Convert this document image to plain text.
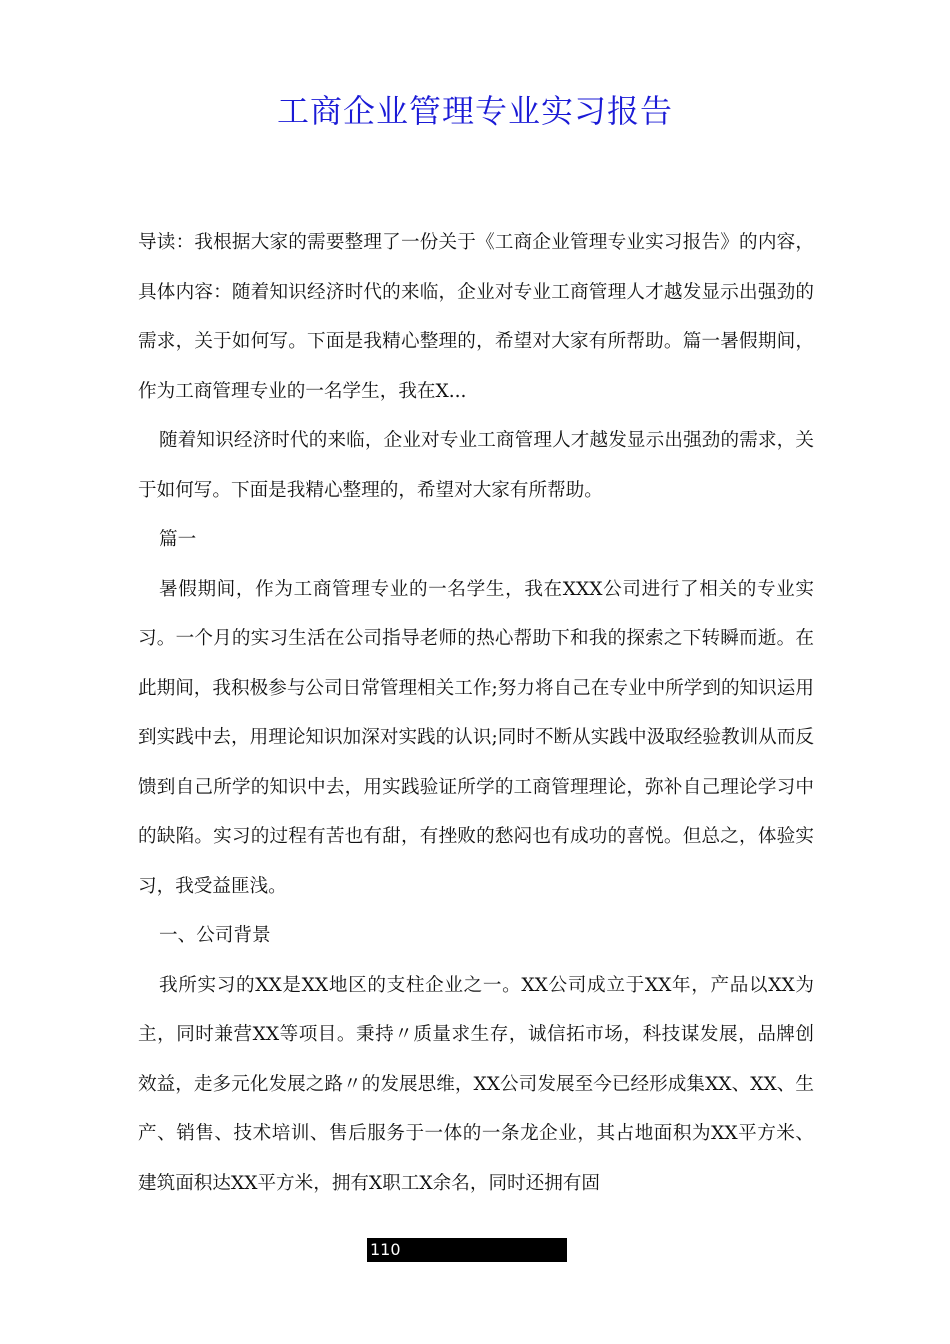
工商企业管理专业实习报告

导读：我根据大家的需要整理了一份关于《工商企业管理专业实习报告》的内容，具体内容：随着知识经济时代的来临，企业对专业工商管理人才越发显示出强劲的需求，关于如何写。下面是我精心整理的，希望对大家有所帮助。篇一暑假期间，作为工商管理专业的一名学生，我在X...

随着知识经济时代的来临，企业对专业工商管理人才越发显示出强劲的需求，关于如何写。下面是我精心整理的，希望对大家有所帮助。

篇一

暑假期间，作为工商管理专业的一名学生，我在XXX公司进行了相关的专业实习。一个月的实习生活在公司指导老师的热心帮助下和我的探索之下转瞬而逝。在此期间，我积极参与公司日常管理相关工作;努力将自己在专业中所学到的知识运用到实践中去，用理论知识加深对实践的认识;同时不断从实践中汲取经验教训从而反馈到自己所学的知识中去，用实践验证所学的工商管理理论，弥补自己理论学习中的缺陷。实习的过程有苦也有甜，有挫败的愁闷也有成功的喜悦。但总之，体验实习，我受益匪浅。

一、公司背景

我所实习的XX是XX地区的支柱企业之一。XX公司成立于XX年，产品以XX为主，同时兼营XX等项目。秉持〃质量求生存，诚信拓市场，科技谋发展，品牌创效益，走多元化发展之路〃的发展思维，XX公司发展至今已经形成集XX、XX、生产、销售、技术培训、售后服务于一体的一条龙企业，其占地面积为XX平方米、建筑面积达XX平方米，拥有X职工X余名，同时还拥有固

110
